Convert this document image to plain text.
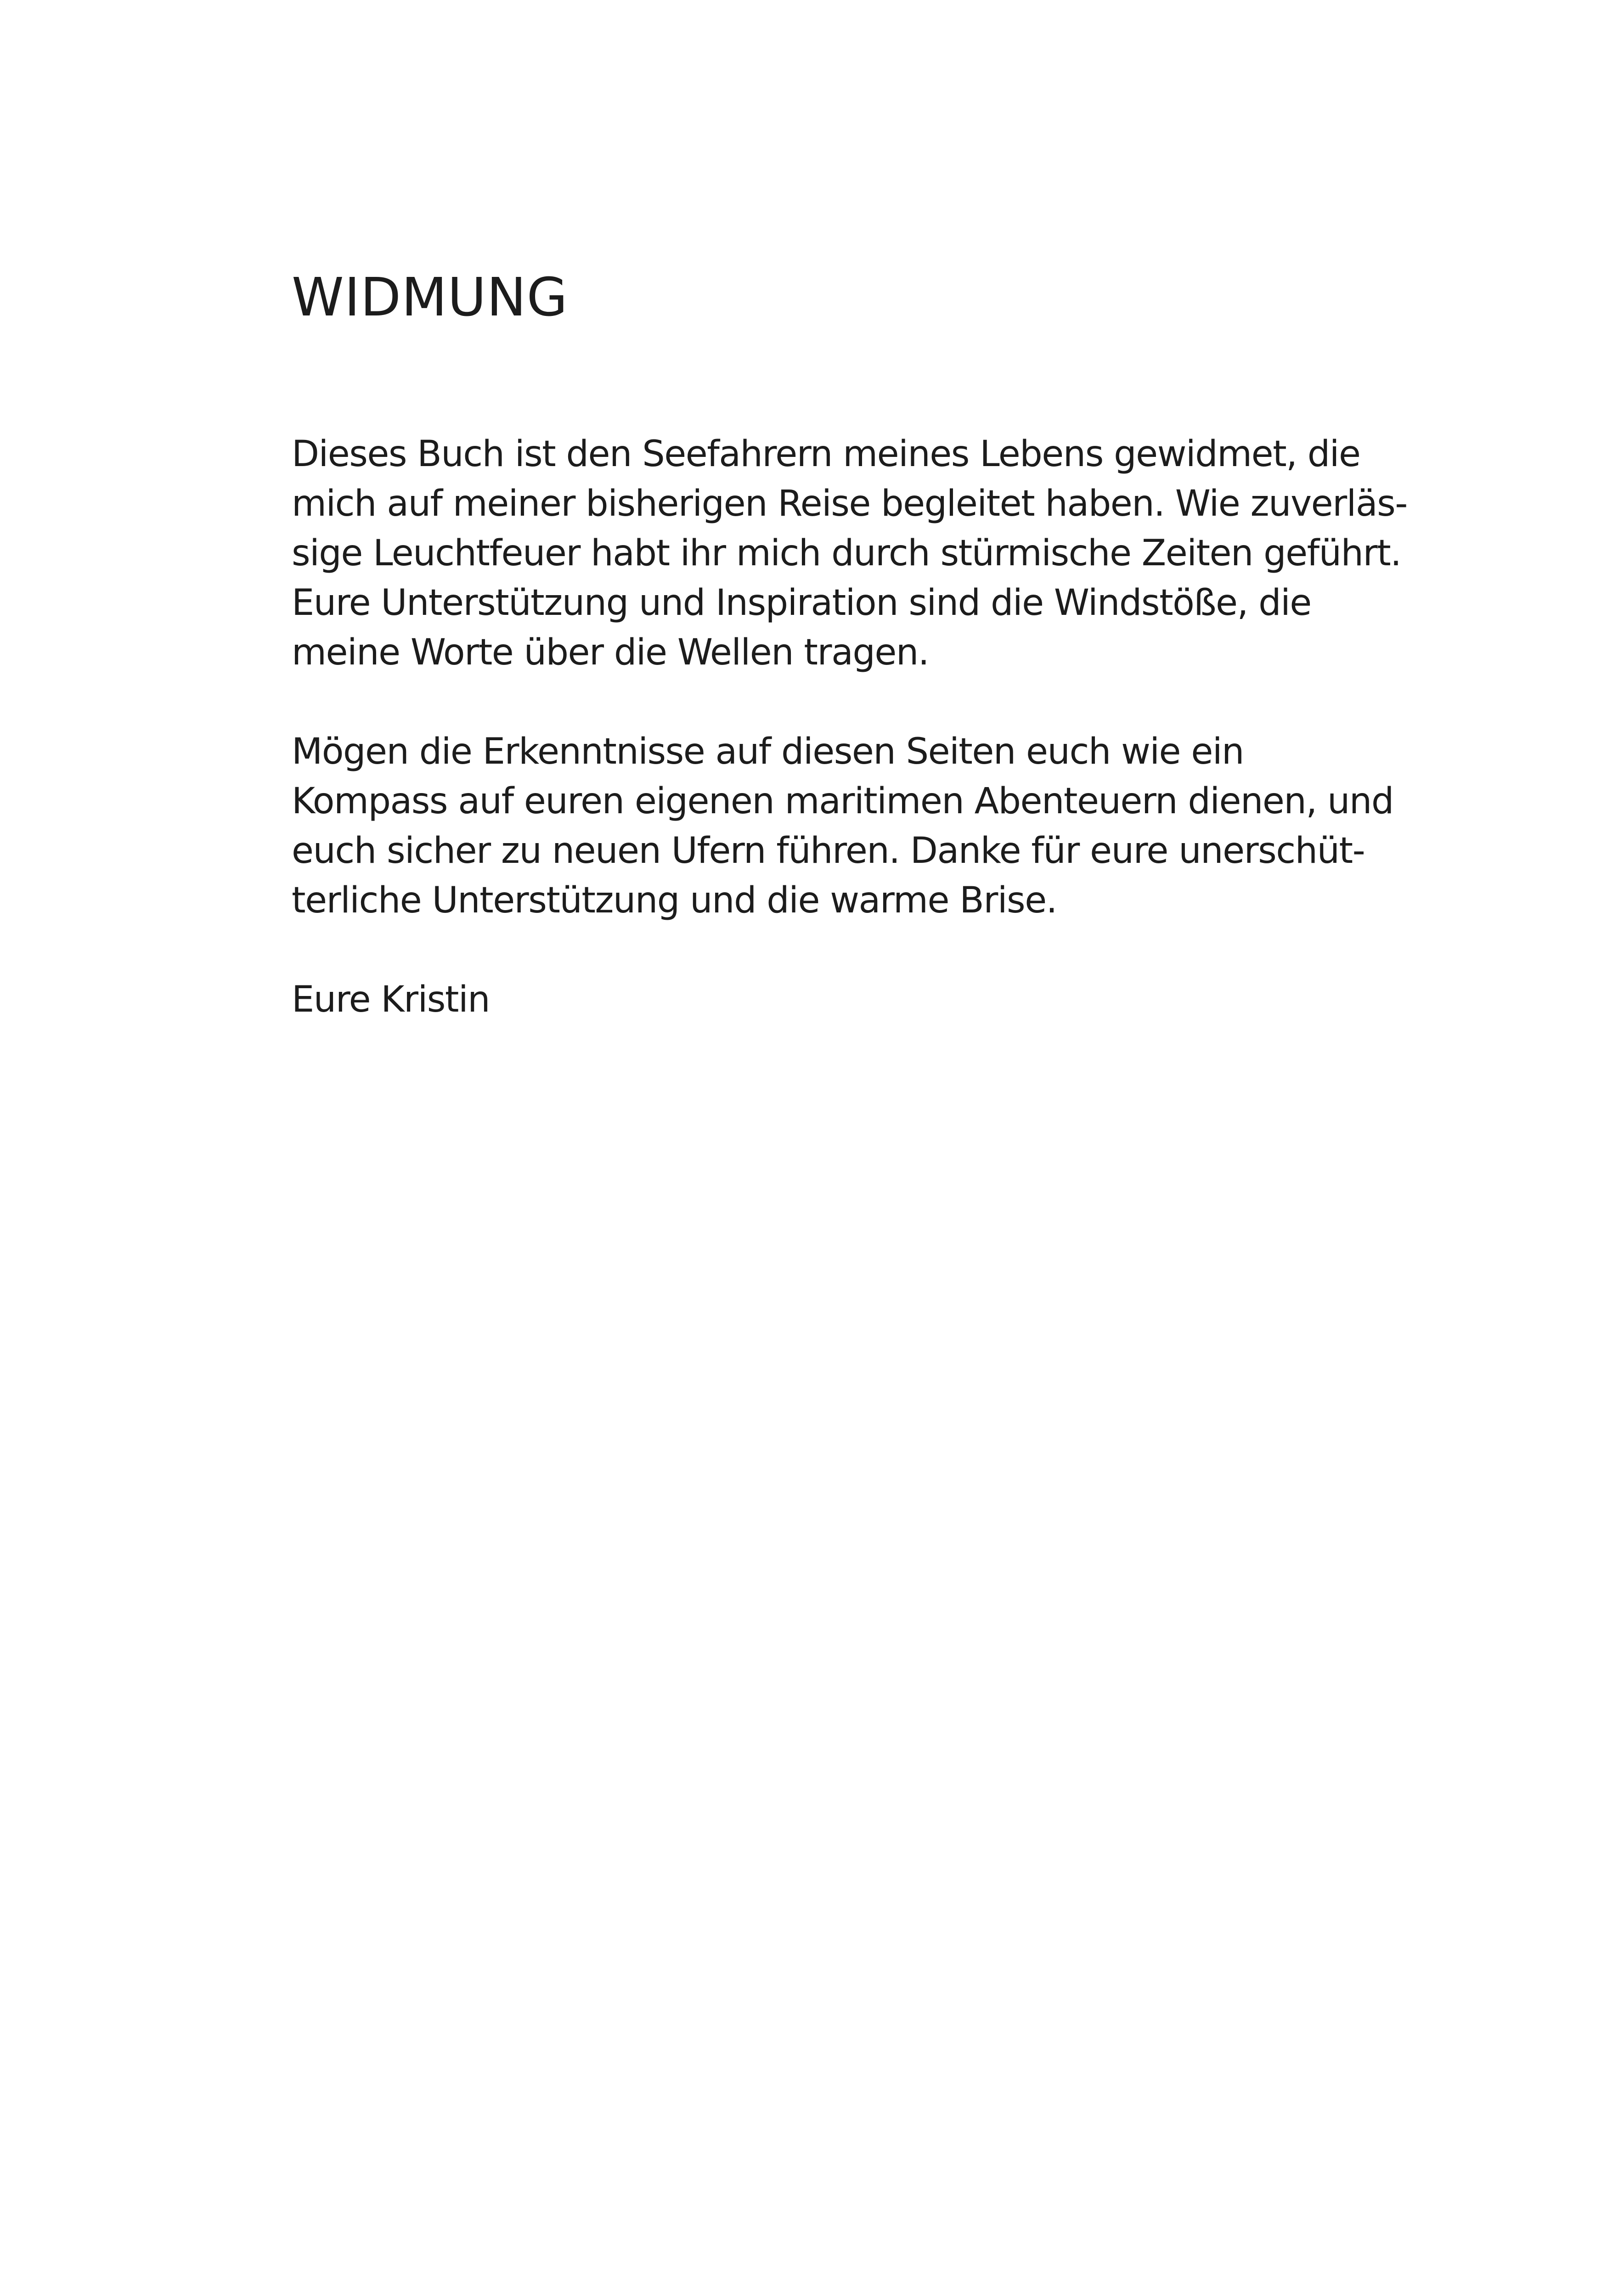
WIDMUNG

Dieses Buch ist den Seefahrern meines Lebens gewidmet, die
mich auf meiner bisherigen Reise begleitet haben. Wie zuverläs-
sige Leuchtfeuer habt ihr mich durch stürmische Zeiten geführt.
Eure Unterstützung und Inspiration sind die Windstöße, die
meine Worte über die Wellen tragen.

Mögen die Erkenntnisse auf diesen Seiten euch wie ein
Kompass auf euren eigenen maritimen Abenteuern dienen, und
euch sicher zu neuen Ufern führen. Danke für eure unerschüt-
terliche Unterstützung und die warme Brise.

Eure Kristin
